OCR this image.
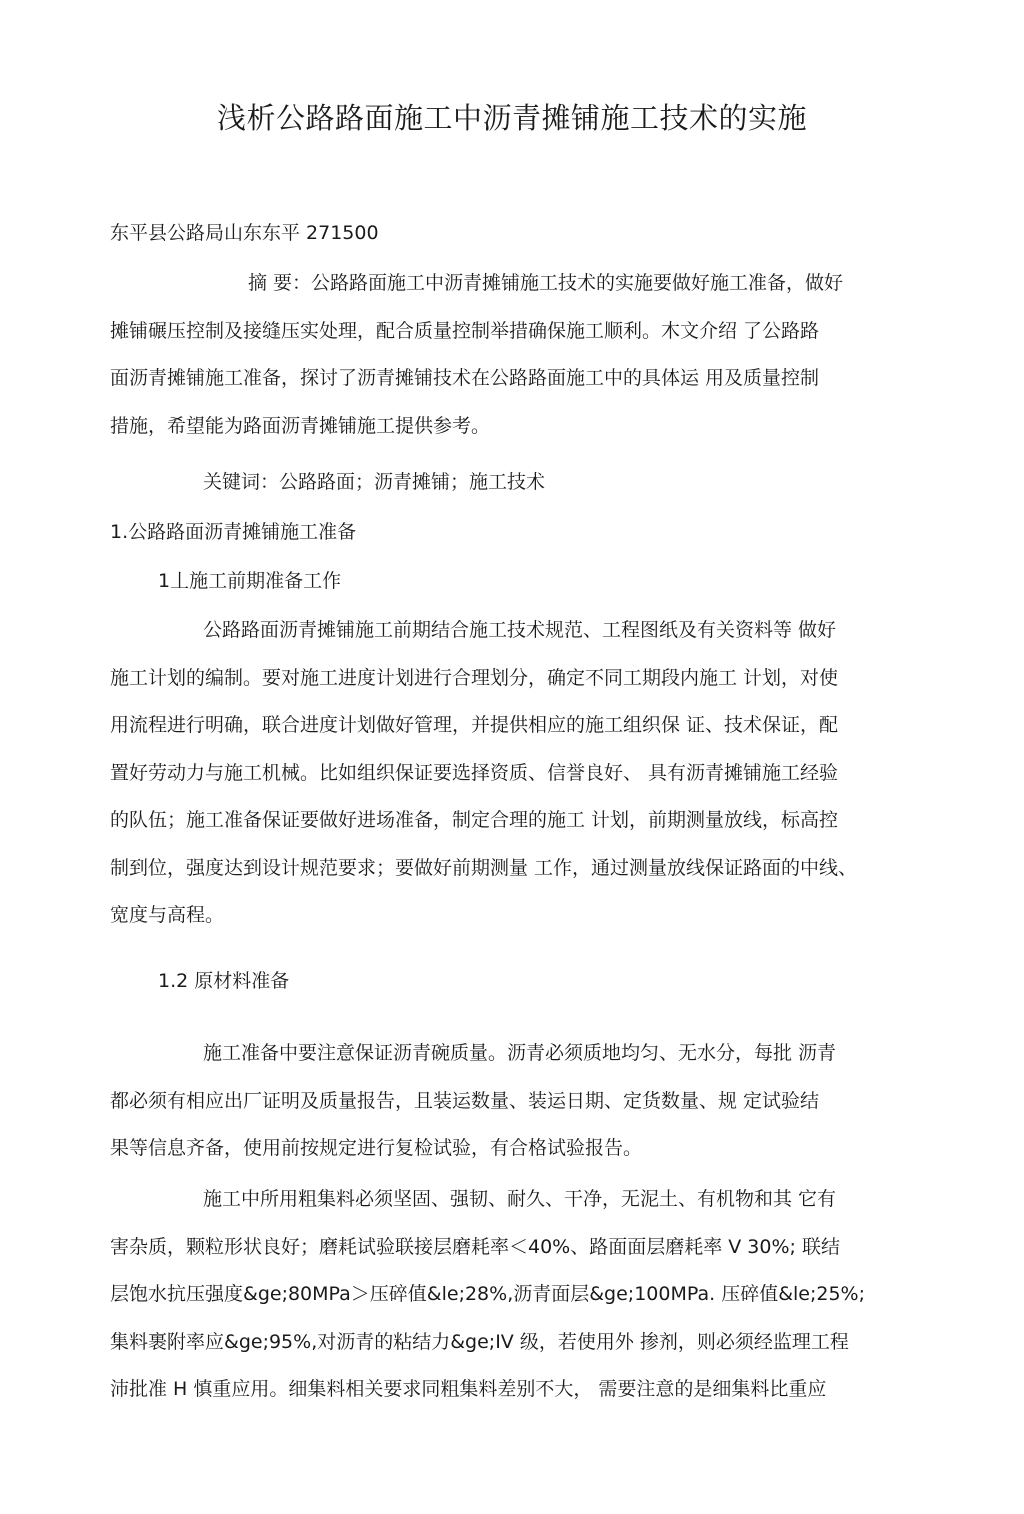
浅析公路路面施工中沥青摊铺施工技术的实施
东平县公路局山东东平 271500
摘 要：公路路面施工中沥青摊铺施工技术的实施要做好施工准备，做好
摊铺碾压控制及接缝压实处理，配合质量控制举措确保施工顺利。木文介绍 了公路路
面沥青摊铺施工准备，探讨了沥青摊铺技术在公路路面施工中的具体运 用及质量控制
措施，希望能为路面沥青摊铺施工提供参考。
关键词：公路路面；沥青摊铺；施工技术
1.公路路面沥青摊铺施工准备
1丄施工前期准备工作
公路路面沥青摊铺施工前期结合施工技术规范、工程图纸及有关资料等 做好
施工计划的编制。要对施工进度计划进行合理划分，确定不同工期段内施工 计划，对使
用流程进行明确，联合进度计划做好管理，并提供相应的施工组织保 证、技术保证，配
置好劳动力与施工机械。比如组织保证要选择资质、信誉良好、 具有沥青摊铺施工经验
的队伍；施工准备保证要做好进场准备，制定合理的施工 计划，前期测量放线，标高控
制到位，强度达到设计规范要求；要做好前期测量 工作，通过测量放线保证路面的中线、
宽度与高程。
1.2 原材料准备
施工准备中要注意保证沥青碗质量。沥青必须质地均匀、无水分，每批 沥青
都必须有相应出厂证明及质量报告，且装运数量、装运日期、定货数量、规 定试验结
果等信息齐备，使用前按规定进行复检试验，有合格试验报告。
施工中所用粗集料必须坚固、强韧、耐久、干净，无泥土、有机物和其 它有
害杂质，颗粒形状良好；磨耗试验联接层磨耗率＜40%、路面面层磨耗率 V 30%; 联结
层饱水抗压强度&ge;80MPa＞压碎值&le;28%,沥青面层&ge;100MPa. 压碎值&le;25%;
集料裹附率应&ge;95%,对沥青的粘结力&ge;IV 级，若使用外 掺剂，则必须经监理工程
沛批准 H 慎重应用。细集料相关要求同粗集料差别不大， 需要注意的是细集料比重应
